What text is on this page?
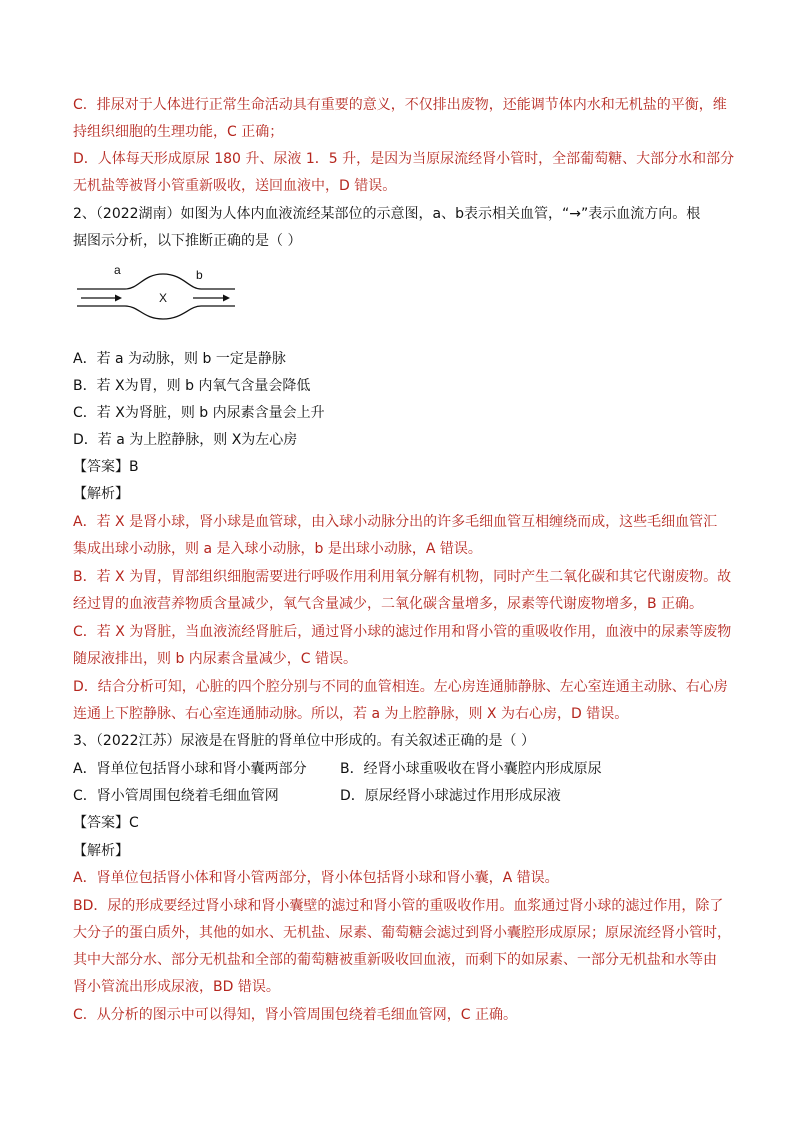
C．排尿对于人体进行正常生命活动具有重要的意义，不仅排出废物，还能调节体内水和无机盐的平衡，维
持组织细胞的生理功能，C 正确；
D．人体每天形成原尿 180 升、尿液 1．5 升，是因为当原尿流经肾小管时，全部葡萄糖、大部分水和部分
无机盐等被肾小管重新吸收，送回血液中，D 错误。
2、（2022湖南）如图为人体内血液流经某部位的示意图，a、b表示相关血管，“→”表示血流方向。根
据图示分析，以下推断正确的是（ ）
a	b
X
A．若 a 为动脉，则 b 一定是静脉
B．若 X为胃，则 b 内氧气含量会降低
C．若 X为肾脏，则 b 内尿素含量会上升
D．若 a 为上腔静脉，则 X为左心房
【答案】B
【解析】
A．若 X 是肾小球，肾小球是血管球，由入球小动脉分出的许多毛细血管互相缠绕而成，这些毛细血管汇
集成出球小动脉，则 a 是入球小动脉，b 是出球小动脉，A 错误。
B．若 X 为胃，胃部组织细胞需要进行呼吸作用利用氧分解有机物，同时产生二氧化碳和其它代谢废物。故
经过胃的血液营养物质含量减少，氧气含量减少，二氧化碳含量增多，尿素等代谢废物增多，B 正确。
C．若 X 为肾脏，当血液流经肾脏后，通过肾小球的滤过作用和肾小管的重吸收作用，血液中的尿素等废物
随尿液排出，则 b 内尿素含量减少，C 错误。
D．结合分析可知，心脏的四个腔分别与不同的血管相连。左心房连通肺静脉、左心室连通主动脉、右心房
连通上下腔静脉、右心室连通肺动脉。所以，若 a 为上腔静脉，则 X 为右心房，D 错误。
3、（2022江苏）尿液是在肾脏的肾单位中形成的。有关叙述正确的是（ ）
A．肾单位包括肾小球和肾小囊两部分 B．经肾小球重吸收在肾小囊腔内形成原尿
C．肾小管周围包绕着毛细血管网	D．原尿经肾小球滤过作用形成尿液
【答案】C
【解析】
A．肾单位包括肾小体和肾小管两部分，肾小体包括肾小球和肾小囊，A 错误。
BD．尿的形成要经过肾小球和肾小囊壁的滤过和肾小管的重吸收作用。血浆通过肾小球的滤过作用，除了
大分子的蛋白质外，其他的如水、无机盐、尿素、葡萄糖会滤过到肾小囊腔形成原尿；原尿流经肾小管时，
其中大部分水、部分无机盐和全部的葡萄糖被重新吸收回血液，而剩下的如尿素、一部分无机盐和水等由
肾小管流出形成尿液，BD 错误。
C．从分析的图示中可以得知，肾小管周围包绕着毛细血管网，C 正确。
